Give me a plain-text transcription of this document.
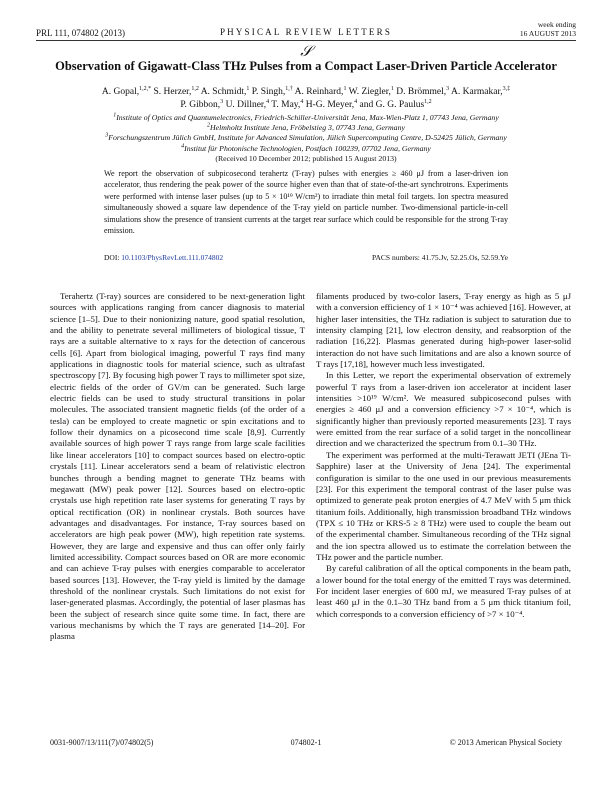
PRL 111, 074802 (2013)	PHYSICAL REVIEW LETTERS
week ending
16 AUGUST 2013
𝒮
Observation of Gigawatt-Class THz Pulses from a Compact Laser-Driven Particle Accelerator
A. Gopal,$^{1,2,*}$ S. Herzer,$^{1,2}$ A. Schmidt,$^1$ P. Singh,$^{1,\dagger}$ A. Reinhard,$^1$ W. Ziegler,$^1$ D. Brömmel,$^3$ A. Karmakar,$^{3,\ddagger}$
P. Gibbon,$^3$ U. Dillner,$^4$ T. May,$^4$ H-G. Meyer,$^4$ and G. G. Paulus$^{1,2}$
$^1$Institute of Optics and Quantumelectronics, Friedrich-Schiller-Universität Jena, Max-Wien-Platz 1, 07743 Jena, Germany
$^2$Helmholtz Institute Jena, Fröbelstieg 3, 07743 Jena, Germany
$^3$Forschungszentrum Jülich GmbH, Institute for Advanced Simulation, Jülich Supercomputing Centre, D-52425 Jülich, Germany
$^4$Institut für Photonische Technologien, Postfach 100239, 07702 Jena, Germany
(Received 10 December 2012; published 15 August 2013)
We report the observation of subpicosecond terahertz (T-ray) pulses with energies ≥ 460 μJ from a laser-driven ion accelerator, thus rendering the peak power of the source higher even than that of state-of-the-art synchrotrons. Experiments were performed with intense laser pulses (up to 5 × 10¹⁹ W/cm²) to irradiate thin metal foil targets. Ion spectra measured simultaneously showed a square law dependence of the T-ray yield on particle number. Two-dimensional particle-in-cell simulations show the presence of transient currents at the target rear surface which could be responsible for the strong T-ray emission.
DOI: 10.1103/PhysRevLett.111.074802	PACS numbers: 41.75.Jv, 52.25.Os, 52.59.Ye

Terahertz (T-ray) sources are considered to be next-generation light sources with applications ranging from cancer diagnosis to material science [1–5]. Due to their nonionizing nature, good spatial resolution, and the ability to penetrate several millimeters of biological tissue, T rays are a suitable alternative to x rays for the detection of cancerous cells [6]. Apart from biological imaging, powerful T rays find many applications in diagnostic tools for material science, such as ultrafast spectroscopy [7]. By focusing high power T rays to millimeter spot size, electric fields of the order of GV/m can be generated. Such large electric fields can be used to study structural transitions in polar molecules. The associated transient magnetic fields (of the order of a tesla) can be employed to create magnetic or spin excitations and to follow their dynamics on a picosecond time scale [8,9]. Currently available sources of high power T rays range from large scale facilities like linear accelerators [10] to compact sources based on electro-optic crystals [11]. Linear accelerators send a beam of relativistic electron bunches through a bending magnet to generate THz beams with megawatt (MW) peak power [12]. Sources based on electro-optic crystals use high repetition rate laser systems for generating T rays by optical rectification (OR) in nonlinear crystals. Both sources have advantages and disadvantages. For instance, T-ray sources based on accelerators are high peak power (MW), high repetition rate systems. However, they are large and expensive and thus can offer only fairly limited accessibility. Compact sources based on OR are more economic and can achieve T-ray pulses with energies comparable to accelerator based sources [13]. However, the T-ray yield is limited by the damage threshold of the nonlinear crystals. Such limitations do not exist for laser-generated plasmas. Accordingly, the potential of laser plasmas has been the subject of research since quite some time. In fact, there are various mechanisms by which the T rays are generated [14–20]. For plasma

filaments produced by two-color lasers, T-ray energy as high as 5 μJ with a conversion efficiency of 1 × 10⁻⁴ was achieved [16]. However, at higher laser intensities, the THz radiation is subject to saturation due to intensity clamping [21], low electron density, and reabsorption of the radiation [16,22]. Plasmas generated during high-power laser-solid interaction do not have such limitations and are also a known source of T rays [17,18], however much less investigated.

In this Letter, we report the experimental observation of extremely powerful T rays from a laser-driven ion accelerator at incident laser intensities >10¹⁹ W/cm². We measured subpicosecond pulses with energies ≥ 460 μJ and a conversion efficiency >7 × 10⁻⁴, which is significantly higher than previously reported measurements [23]. T rays were emitted from the rear surface of a solid target in the noncollinear direction and we characterized the spectrum from 0.1–30 THz.

The experiment was performed at the multi-Terawatt JETI (JEna Ti-Sapphire) laser at the University of Jena [24]. The experimental configuration is similar to the one used in our previous measurements [23]. For this experiment the temporal contrast of the laser pulse was optimized to generate peak proton energies of 4.7 MeV with 5 μm thick titanium foils. Additionally, high transmission broadband THz windows (TPX ≤ 10 THz or KRS-5 ≥ 8 THz) were used to couple the beam out of the experimental chamber. Simultaneous recording of the THz signal and the ion spectra allowed us to estimate the correlation between the THz power and the particle number.

By careful calibration of all the optical components in the beam path, a lower bound for the total energy of the emitted T rays was determined. For incident laser energies of 600 mJ, we measured T-ray pulses of at least 460 μJ in the 0.1–30 THz band from a 5 μm thick titanium foil, which corresponds to a conversion efficiency of >7 × 10⁻⁴.

0031-9007/13/111(7)/074802(5)	074802-1	© 2013 American Physical Society
